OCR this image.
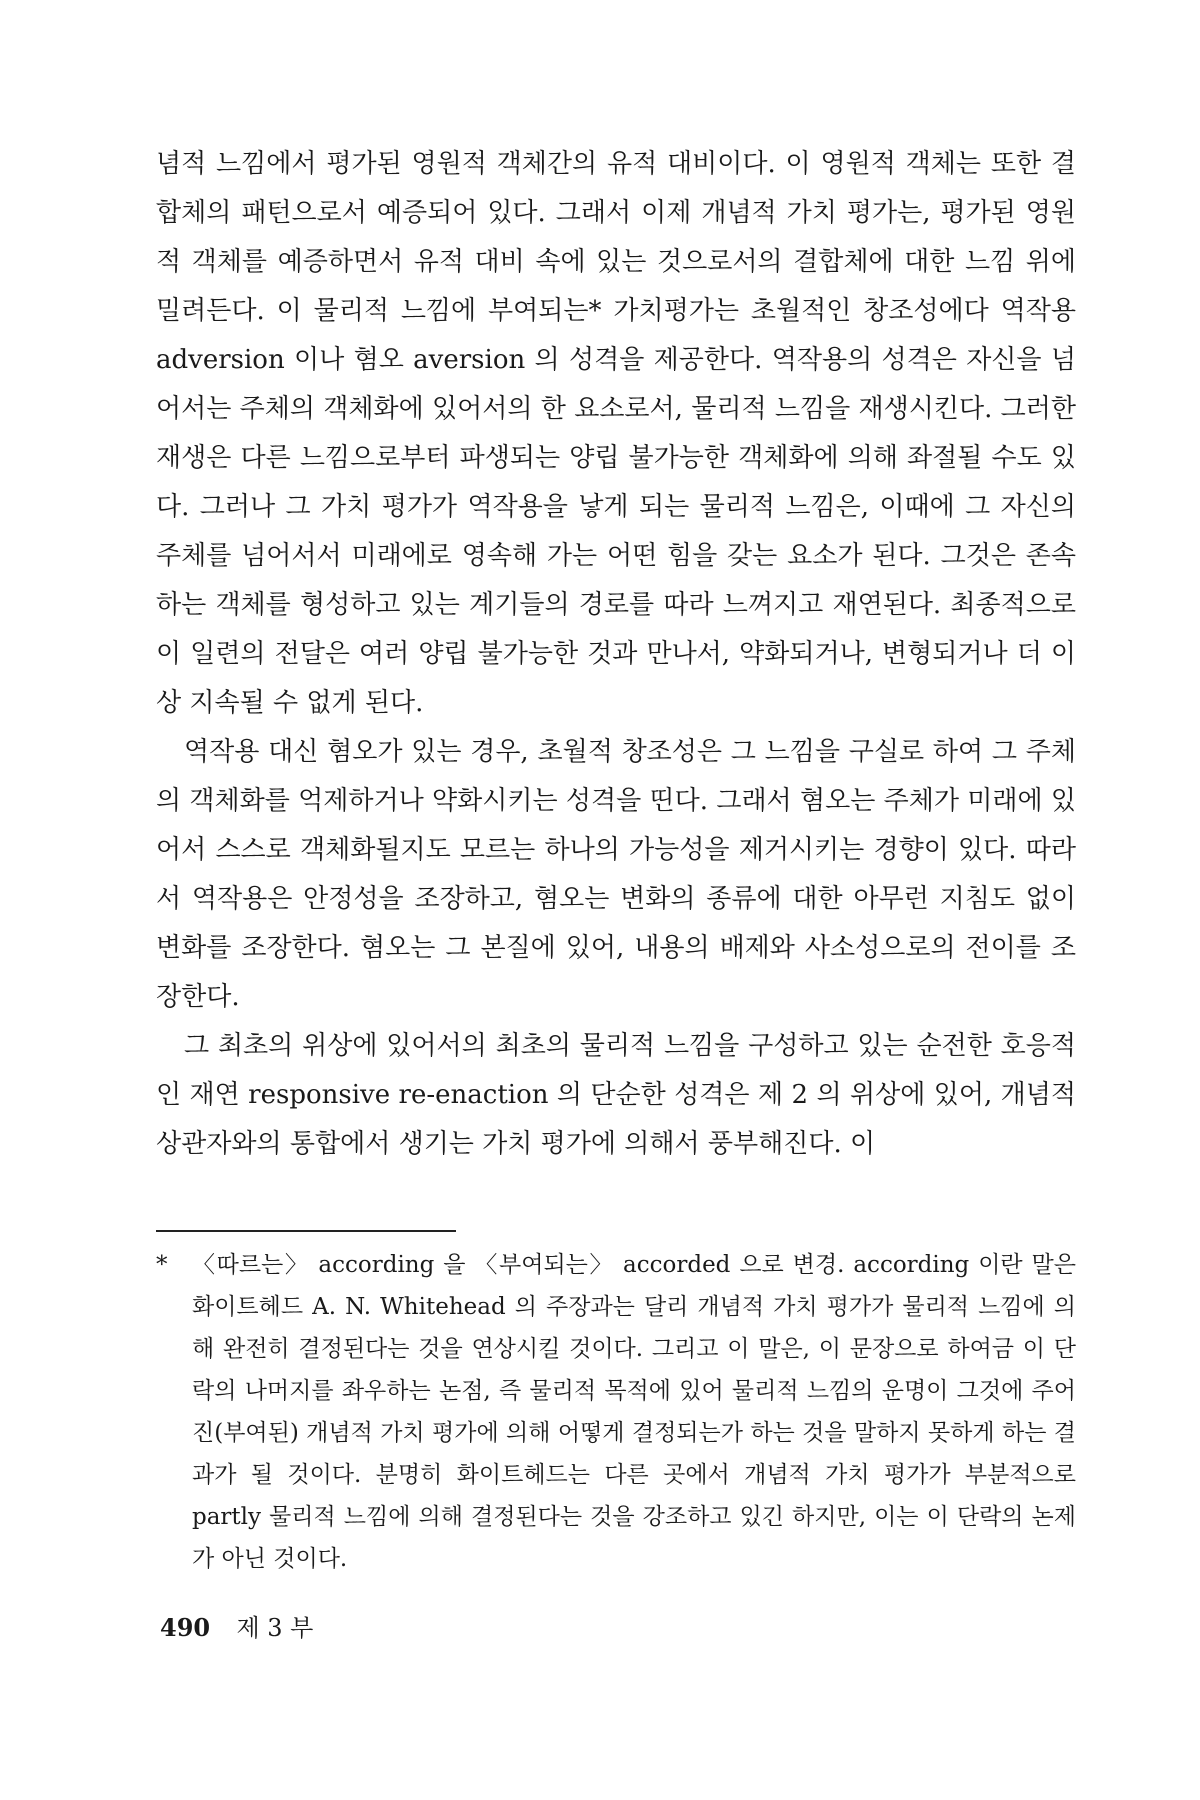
념적 느낌에서 평가된 영원적 객체간의 유적 대비이다. 이 영원적 객체는 또한 결합체의 패턴으로서 예증되어 있다. 그래서 이제 개념적 가치 평가는, 평가된 영원적 객체를 예증하면서 유적 대비 속에 있는 것으로서의 결합체에 대한 느낌 위에 밀려든다. 이 물리적 느낌에 부여되는* 가치평가는 초월적인 창조성에다 역작용 adversion 이나 혐오 aversion 의 성격을 제공한다. 역작용의 성격은 자신을 넘어서는 주체의 객체화에 있어서의 한 요소로서, 물리적 느낌을 재생시킨다. 그러한 재생은 다른 느낌으로부터 파생되는 양립 불가능한 객체화에 의해 좌절될 수도 있다. 그러나 그 가치 평가가 역작용을 낳게 되는 물리적 느낌은, 이때에 그 자신의 주체를 넘어서서 미래에로 영속해 가는 어떤 힘을 갖는 요소가 된다. 그것은 존속하는 객체를 형성하고 있는 계기들의 경로를 따라 느껴지고 재연된다. 최종적으로 이 일련의 전달은 여러 양립 불가능한 것과 만나서, 약화되거나, 변형되거나 더 이상 지속될 수 없게 된다.

역작용 대신 혐오가 있는 경우, 초월적 창조성은 그 느낌을 구실로 하여 그 주체의 객체화를 억제하거나 약화시키는 성격을 띤다. 그래서 혐오는 주체가 미래에 있어서 스스로 객체화될지도 모르는 하나의 가능성을 제거시키는 경향이 있다. 따라서 역작용은 안정성을 조장하고, 혐오는 변화의 종류에 대한 아무런 지침도 없이 변화를 조장한다. 혐오는 그 본질에 있어, 내용의 배제와 사소성으로의 전이를 조장한다.

그 최초의 위상에 있어서의 최초의 물리적 느낌을 구성하고 있는 순전한 호응적인 재연 responsive re-enaction 의 단순한 성격은 제 2 의 위상에 있어, 개념적 상관자와의 통합에서 생기는 가치 평가에 의해서 풍부해진다. 이

*	〈따르는〉 according 을 〈부여되는〉 accorded 으로 변경. according 이란 말은 화이트헤드 A. N. Whitehead 의 주장과는 달리 개념적 가치 평가가 물리적 느낌에 의해 완전히 결정된다는 것을 연상시킬 것이다. 그리고 이 말은, 이 문장으로 하여금 이 단락의 나머지를 좌우하는 논점, 즉 물리적 목적에 있어 물리적 느낌의 운명이 그것에 주어진(부여된) 개념적 가치 평가에 의해 어떻게 결정되는가 하는 것을 말하지 못하게 하는 결과가 될 것이다. 분명히 화이트헤드는 다른 곳에서 개념적 가치 평가가 부분적으로 partly 물리적 느낌에 의해 결정된다는 것을 강조하고 있긴 하지만, 이는 이 단락의 논제가 아닌 것이다.

490 제 3 부
